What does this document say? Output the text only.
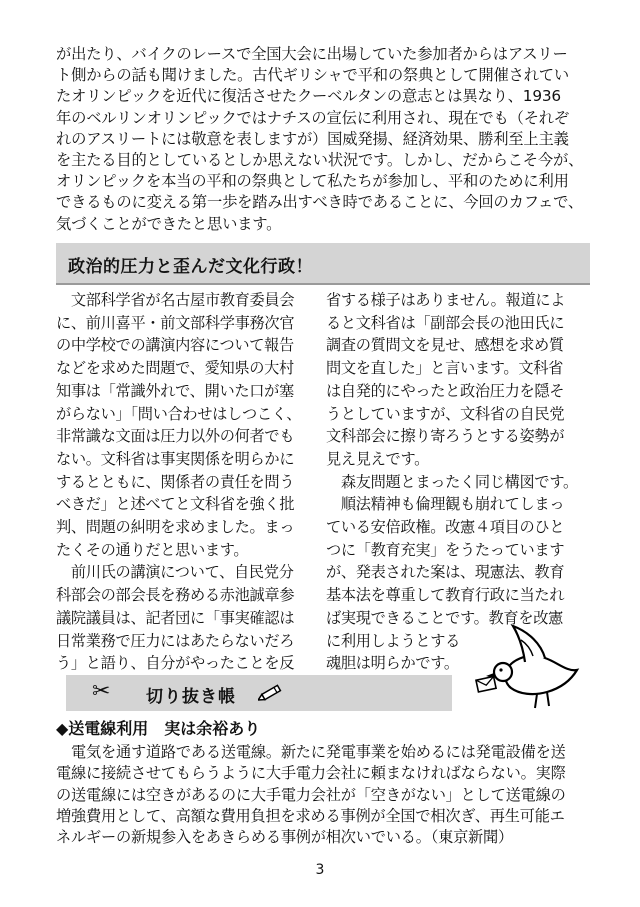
が出たり、バイクのレースで全国大会に出場していた参加者からはアスリー

ト側からの話も聞けました。古代ギリシャで平和の祭典として開催されてい

たオリンピックを近代に復活させたクーベルタンの意志とは異なり、1936

年のベルリンオリンピックではナチスの宣伝に利用され、現在でも（それぞ

れのアスリートには敬意を表しますが）国威発揚、経済効果、勝利至上主義

を主たる目的としているとしか思えない状況です。しかし、だからこそ今が、

オリンピックを本当の平和の祭典として私たちが参加し、平和のために利用

できるものに変える第一歩を踏み出すべき時であることに、今回のカフェで、

気づくことができたと思います。

政治的圧力と歪んだ文化行政！

　文部科学省が名古屋市教育委員会

に、前川喜平・前文部科学事務次官

の中学校での講演内容について報告

などを求めた問題で、愛知県の大村

知事は「常識外れで、開いた口が塞

がらない」「問い合わせはしつこく、

非常識な文面は圧力以外の何者でも

ない。文科省は事実関係を明らかに

するとともに、関係者の責任を問う

べきだ」と述べてと文科省を強く批

判、問題の糾明を求めました。まっ

たくその通りだと思います。

　前川氏の講演について、自民党分

科部会の部会長を務める赤池誠章参

議院議員は、記者団に「事実確認は

日常業務で圧力にはあたらないだろ

う」と語り、自分がやったことを反

省する様子はありません。報道によ

ると文科省は「副部会長の池田氏に

調査の質問文を見せ、感想を求め質

問文を直した」と言います。文科省

は自発的にやったと政治圧力を隠そ

うとしていますが、文科省の自民党

文科部会に擦り寄ろうとする姿勢が

見え見えです。

　森友問題とまったく同じ構図です。

　順法精神も倫理観も崩れてしまっ

ている安倍政権。改憲４項目のひと

つに「教育充実」をうたっています

が、発表された案は、現憲法、教育

基本法を尊重して教育行政に当たれ

ば実現できることです。教育を改憲

に利用しようとする

魂胆は明らかです。

✂ 切り抜き帳
◆送電線利用　実は余裕あり

　電気を通す道路である送電線。新たに発電事業を始めるには発電設備を送

電線に接続させてもらうように大手電力会社に頼まなければならない。実際

の送電線には空きがあるのに大手電力会社が「空きがない」として送電線の

増強費用として、高額な費用負担を求める事例が全国で相次ぎ、再生可能エ

ネルギーの新規参入をあきらめる事例が相次いでいる。（東京新聞）

3
